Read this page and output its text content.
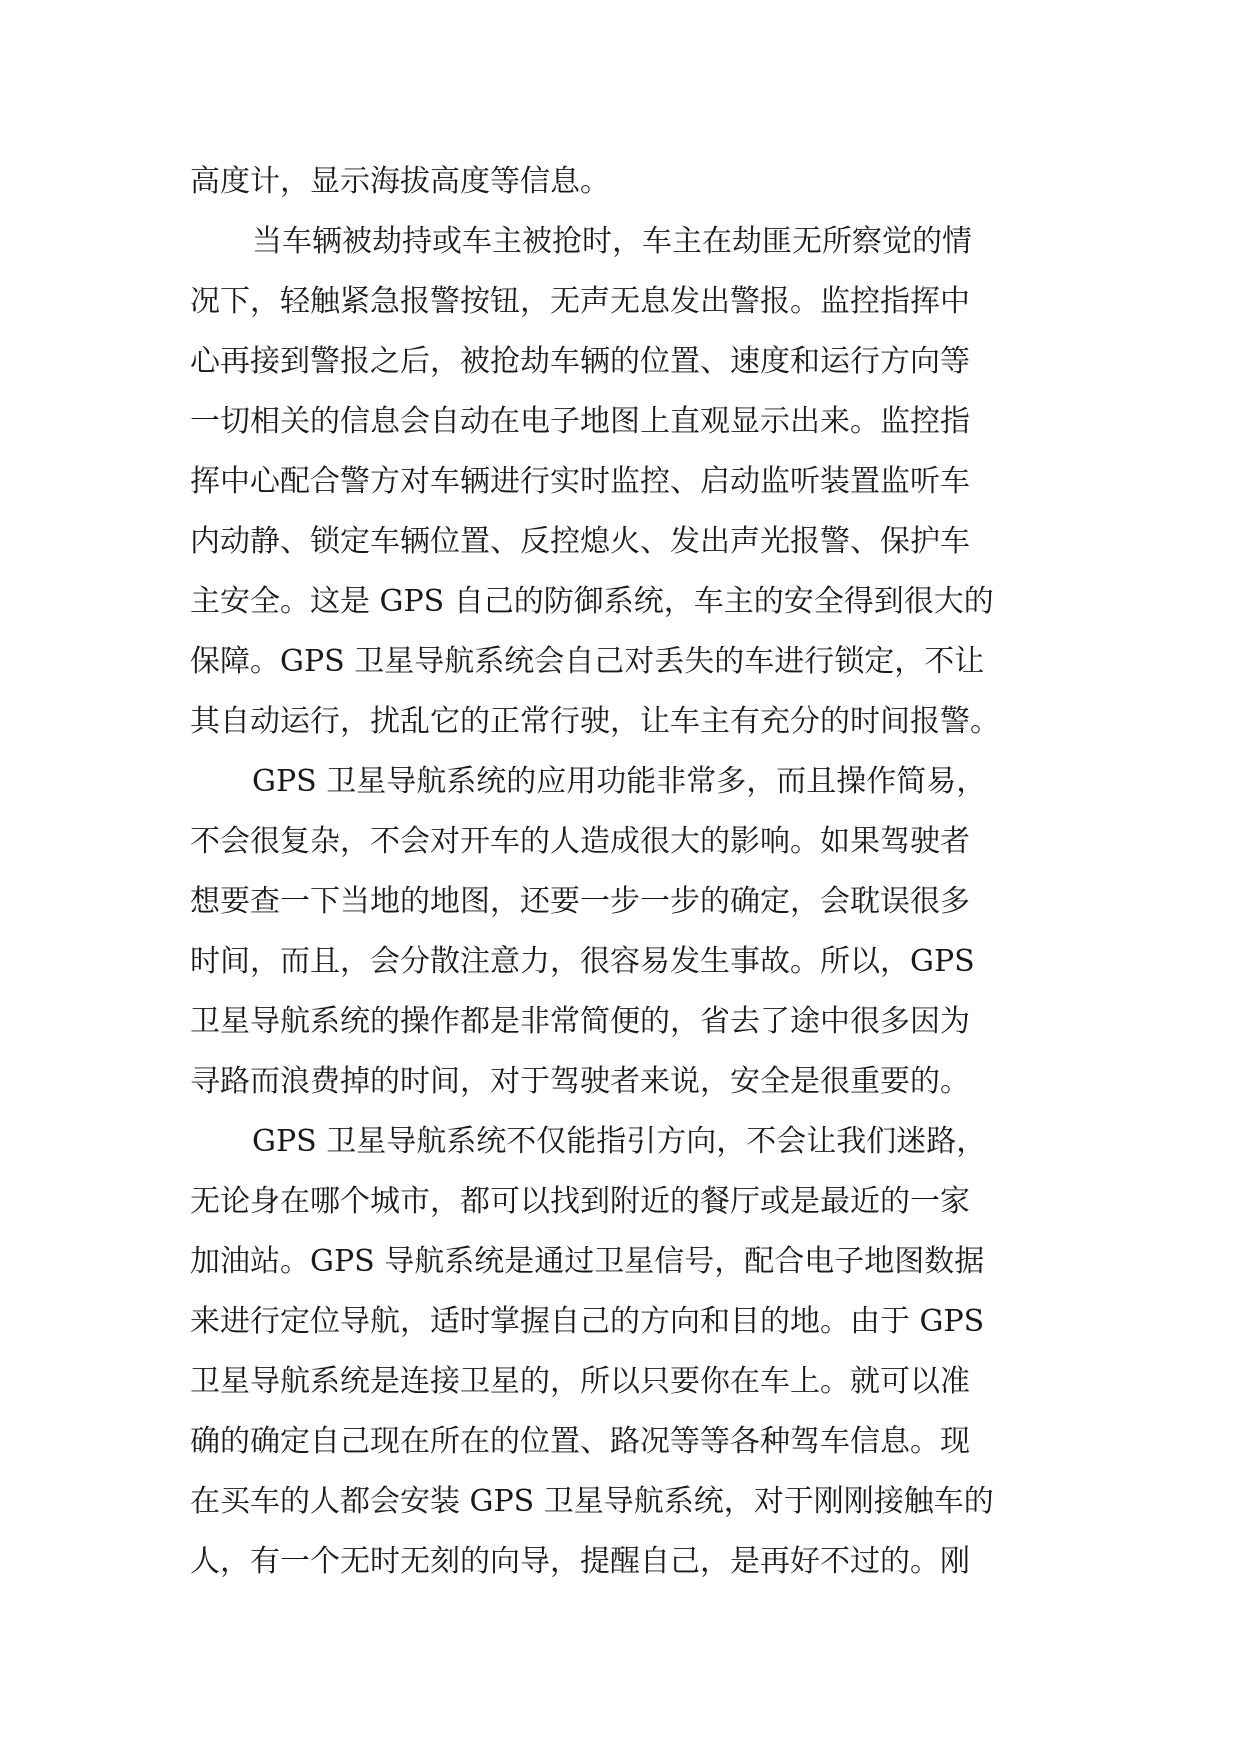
高度计，显示海拔高度等信息。
当车辆被劫持或车主被抢时，车主在劫匪无所察觉的情
况下，轻触紧急报警按钮，无声无息发出警报。监控指挥中
心再接到警报之后，被抢劫车辆的位置、速度和运行方向等
一切相关的信息会自动在电子地图上直观显示出来。监控指
挥中心配合警方对车辆进行实时监控、启动监听装置监听车
内动静、锁定车辆位置、反控熄火、发出声光报警、保护车
主安全。这是 GPS 自己的防御系统，车主的安全得到很大的
保障。GPS 卫星导航系统会自己对丢失的车进行锁定，不让
其自动运行，扰乱它的正常行驶，让车主有充分的时间报警。
GPS 卫星导航系统的应用功能非常多，而且操作简易，
不会很复杂，不会对开车的人造成很大的影响。如果驾驶者
想要查一下当地的地图，还要一步一步的确定，会耽误很多
时间，而且，会分散注意力，很容易发生事故。所以，GPS
卫星导航系统的操作都是非常简便的，省去了途中很多因为
寻路而浪费掉的时间，对于驾驶者来说，安全是很重要的。
GPS 卫星导航系统不仅能指引方向，不会让我们迷路，
无论身在哪个城市，都可以找到附近的餐厅或是最近的一家
加油站。GPS 导航系统是通过卫星信号，配合电子地图数据
来进行定位导航，适时掌握自己的方向和目的地。由于 GPS
卫星导航系统是连接卫星的，所以只要你在车上。就可以准
确的确定自己现在所在的位置、路况等等各种驾车信息。现
在买车的人都会安装 GPS 卫星导航系统，对于刚刚接触车的
人，有一个无时无刻的向导，提醒自己，是再好不过的。刚
